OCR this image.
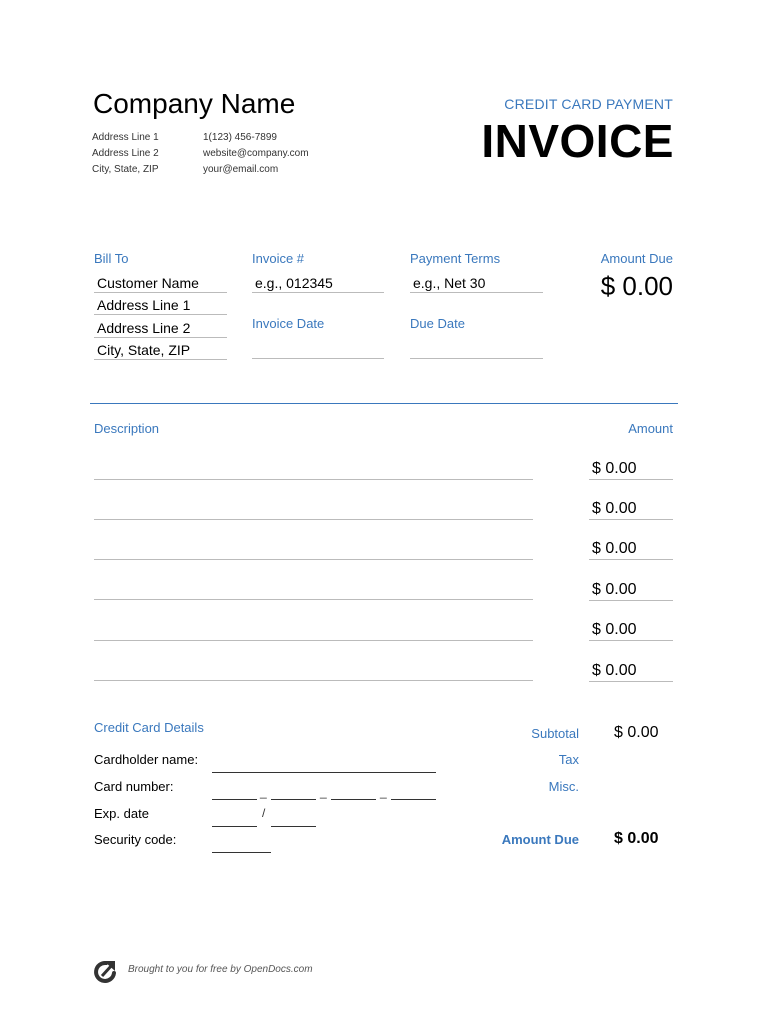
Company Name
Address Line 1
Address Line 2
City, State, ZIP
1(123) 456-7899
website@company.com
your@email.com
CREDIT CARD PAYMENT
INVOICE
Bill To
Customer Name
Address Line 1
Address Line 2
City, State, ZIP
Invoice #
e.g., 012345
Invoice Date
Payment Terms
e.g., Net 30
Due Date
Amount Due
$ 0.00
Description	Amount
$ 0.00
$ 0.00
$ 0.00
$ 0.00
$ 0.00
$ 0.00
Credit Card Details
Cardholder name:
Card number:	_	_	_
Exp. date	/
Security code:
Subtotal $ 0.00
Tax
Misc.
Amount Due $ 0.00
Brought to you for free by OpenDocs.com
